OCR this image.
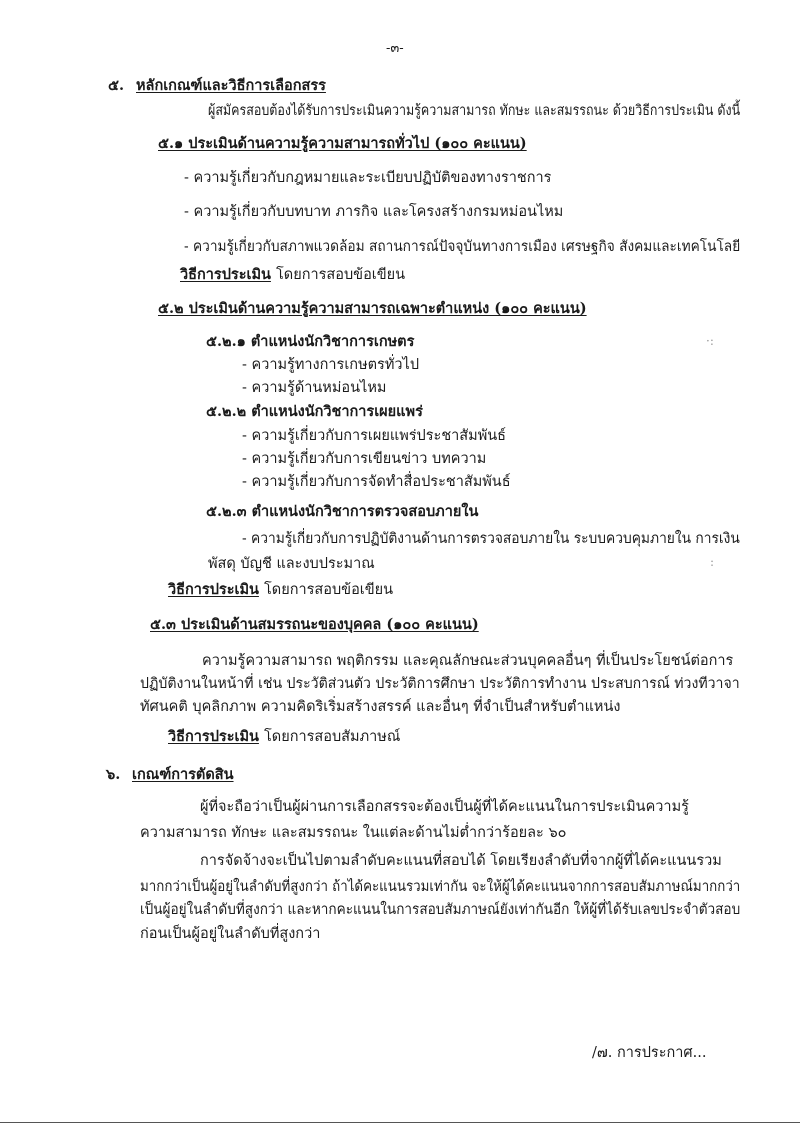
-๓-
๕. หลักเกณฑ์และวิธีการเลือกสรร
ผู้สมัครสอบต้องได้รับการประเมินความรู้ความสามารถ ทักษะ และสมรรถนะ ด้วยวิธีการประเมิน ดังนี้
๕.๑ ประเมินด้านความรู้ความสามารถทั่วไป (๑๐๐ คะแนน)
- ความรู้เกี่ยวกับกฎหมายและระเบียบปฏิบัติของทางราชการ
- ความรู้เกี่ยวกับบทบาท ภารกิจ และโครงสร้างกรมหม่อนไหม
- ความรู้เกี่ยวกับสภาพแวดล้อม สถานการณ์ปัจจุบันทางการเมือง เศรษฐกิจ สังคมและเทคโนโลยี
วิธีการประเมิน โดยการสอบข้อเขียน
๕.๒ ประเมินด้านความรู้ความสามารถเฉพาะตำแหน่ง (๑๐๐ คะแนน)
๕.๒.๑ ตำแหน่งนักวิชาการเกษตร
- ความรู้ทางการเกษตรทั่วไป
- ความรู้ด้านหม่อนไหม
๕.๒.๒ ตำแหน่งนักวิชาการเผยแพร่
- ความรู้เกี่ยวกับการเผยแพร่ประชาสัมพันธ์
- ความรู้เกี่ยวกับการเขียนข่าว บทความ
- ความรู้เกี่ยวกับการจัดทำสื่อประชาสัมพันธ์
๕.๒.๓ ตำแหน่งนักวิชาการตรวจสอบภายใน
- ความรู้เกี่ยวกับการปฏิบัติงานด้านการตรวจสอบภายใน ระบบควบคุมภายใน การเงิน
พัสดุ บัญชี และงบประมาณ
วิธีการประเมิน โดยการสอบข้อเขียน
๕.๓ ประเมินด้านสมรรถนะของบุคคล (๑๐๐ คะแนน)
ความรู้ความสามารถ พฤติกรรม และคุณลักษณะส่วนบุคคลอื่นๆ ที่เป็นประโยชน์ต่อการ
ปฏิบัติงานในหน้าที่ เช่น ประวัติส่วนตัว ประวัติการศึกษา ประวัติการทำงาน ประสบการณ์ ท่วงทีวาจา
ทัศนคติ บุคลิกภาพ ความคิดริเริ่มสร้างสรรค์ และอื่นๆ ที่จำเป็นสำหรับตำแหน่ง
วิธีการประเมิน โดยการสอบสัมภาษณ์
๖. เกณฑ์การตัดสิน
ผู้ที่จะถือว่าเป็นผู้ผ่านการเลือกสรรจะต้องเป็นผู้ที่ได้คะแนนในการประเมินความรู้
ความสามารถ ทักษะ และสมรรถนะ ในแต่ละด้านไม่ต่ำกว่าร้อยละ ๖๐
การจัดจ้างจะเป็นไปตามลำดับคะแนนที่สอบได้ โดยเรียงลำดับที่จากผู้ที่ได้คะแนนรวม
มากกว่าเป็นผู้อยู่ในลำดับที่สูงกว่า ถ้าได้คะแนนรวมเท่ากัน จะให้ผู้ได้คะแนนจากการสอบสัมภาษณ์มากกว่า
เป็นผู้อยู่ในลำดับที่สูงกว่า และหากคะแนนในการสอบสัมภาษณ์ยังเท่ากันอีก ให้ผู้ที่ได้รับเลขประจำตัวสอบ
ก่อนเป็นผู้อยู่ในลำดับที่สูงกว่า
/๗. การประกาศ...
·:
:
